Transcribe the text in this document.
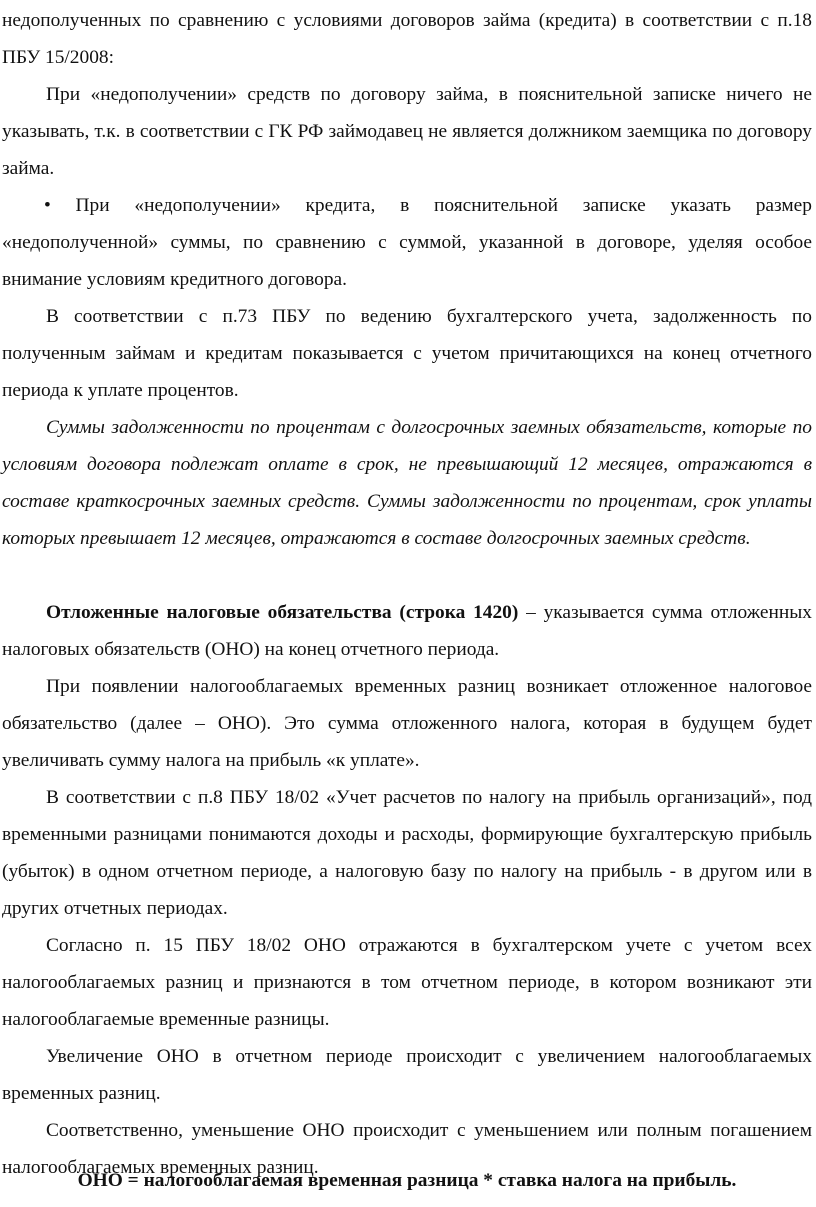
недополученных по сравнению с условиями договоров займа (кредита) в соответствии с п.18 ПБУ 15/2008:

При «недополучении» средств по договору займа, в пояснительной записке ничего не указывать, т.к. в соответствии с ГК РФ займодавец не является должником заемщика по договору займа.

• При «недополучении» кредита, в пояснительной записке указать размер «недополученной» суммы, по сравнению с суммой, указанной в договоре, уделяя особое внимание условиям кредитного договора.

В соответствии с п.73 ПБУ по ведению бухгалтерского учета, задолженность по полученным займам и кредитам показывается с учетом причитающихся на конец отчетного периода к уплате процентов.

Суммы задолженности по процентам с долгосрочных заемных обязательств, которые по условиям договора подлежат оплате в срок, не превышающий 12 месяцев, отражаются в составе краткосрочных заемных средств. Суммы задолженности по процентам, срок уплаты которых превышает 12 месяцев, отражаются в составе долгосрочных заемных средств.

Отложенные налоговые обязательства (строка 1420) – указывается сумма отложенных налоговых обязательств (ОНО) на конец отчетного периода.

При появлении налогооблагаемых временных разниц возникает отложенное налоговое обязательство (далее – ОНО). Это сумма отложенного налога, которая в будущем будет увеличивать сумму налога на прибыль «к уплате».

В соответствии с п.8 ПБУ 18/02 «Учет расчетов по налогу на прибыль организаций», под временными разницами понимаются доходы и расходы, формирующие бухгалтерскую прибыль (убыток) в одном отчетном периоде, а налоговую базу по налогу на прибыль - в другом или в других отчетных периодах.

Согласно п. 15 ПБУ 18/02 ОНО отражаются в бухгалтерском учете с учетом всех налогооблагаемых разниц и признаются в том отчетном периоде, в котором возникают эти налогооблагаемые временные разницы.

Увеличение ОНО в отчетном периоде происходит с увеличением налогооблагаемых временных разниц.

Соответственно, уменьшение ОНО происходит с уменьшением или полным погашением налогооблагаемых временных разниц.

ОНО = налогооблагаемая временная разница * ставка налога на прибыль.
